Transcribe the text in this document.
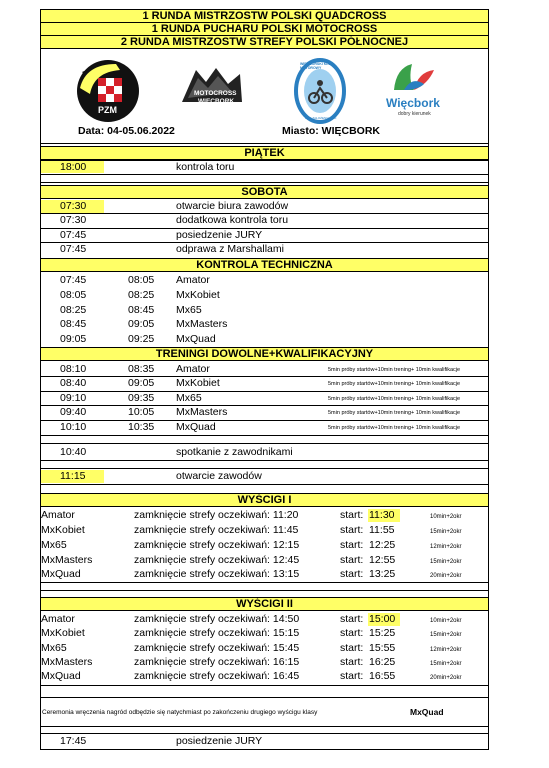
1 RUNDA MISTRZOSTW POLSKI QUADCROSS
1 RUNDA PUCHARU POLSKI MOTOCROSS
2 RUNDA MISTRZOSTW STREFY POLSKI PÓŁNOCNEJ
PZM
MOTOCROSS
WIĘCBORK
WIĘCBORSKI KLUB MOTOROWY
ROK ZAŁOŻENIA 1960
Więcbork
dobry kierunek
Data: 04-05.06.2022	Miasto: WIĘCBORK
PIĄTEK
18:00	kontrola toru
SOBOTA
07:30	otwarcie biura zawodów
07:30	dodatkowa kontrola toru
07:45	posiedzenie JURY
07:45	odprawa z Marshallami
KONTROLA TECHNICZNA
07:45	08:05 Amator
08:05	08:25 MxKobiet
08:25	08:45 Mx65
08:45	09:05 MxMasters
09:05	09:25 MxQuad
TRENINGI DOWOLNE+KWALIFIKACYJNY
08:10	08:35 Amator	5min próby startów+10min trening+ 10min kwalifikacje
08:40	09:05 MxKobiet	5min próby startów+10min trening+ 10min kwalifikacje
09:10	09:35 Mx65	5min próby startów+10min trening+ 10min kwalifikacje
09:40	10:05 MxMasters	5min próby startów+10min trening+ 10min kwalifikacje
10:10	10:35 MxQuad	5min próby startów+10min trening+ 10min kwalifikacje
10:40	spotkanie z zawodnikami
11:15	otwarcie zawodów
WYŚCIGI I
Amator	zamknięcie strefy oczekiwań: 11:20	start: 11:30	10min+2okr
MxKobiet	zamknięcie strefy oczekiwań: 11:45	start: 11:55	15min+2okr
Mx65	zamknięcie strefy oczekiwań: 12:15	start: 12:25	12min+2okr
MxMasters	zamknięcie strefy oczekiwań: 12:45	start: 12:55	15min+2okr
MxQuad	zamknięcie strefy oczekiwań: 13:15	start: 13:25	20min+2okr
WYŚCIGI II
Amator	zamknięcie strefy oczekiwań: 14:50	start: 15:00	10min+2okr
MxKobiet	zamknięcie strefy oczekiwań: 15:15	start: 15:25	15min+2okr
Mx65	zamknięcie strefy oczekiwań: 15:45	start: 15:55	12min+2okr
MxMasters	zamknięcie strefy oczekiwań: 16:15	start: 16:25	15min+2okr
MxQuad	zamknięcie strefy oczekiwań: 16:45	start: 16:55	20min+2okr
Ceremonia wręczenia nagród odbędzie się natychmiast po zakończeniu drugiego wyścigu klasy	MxQuad
17:45	posiedzenie JURY
